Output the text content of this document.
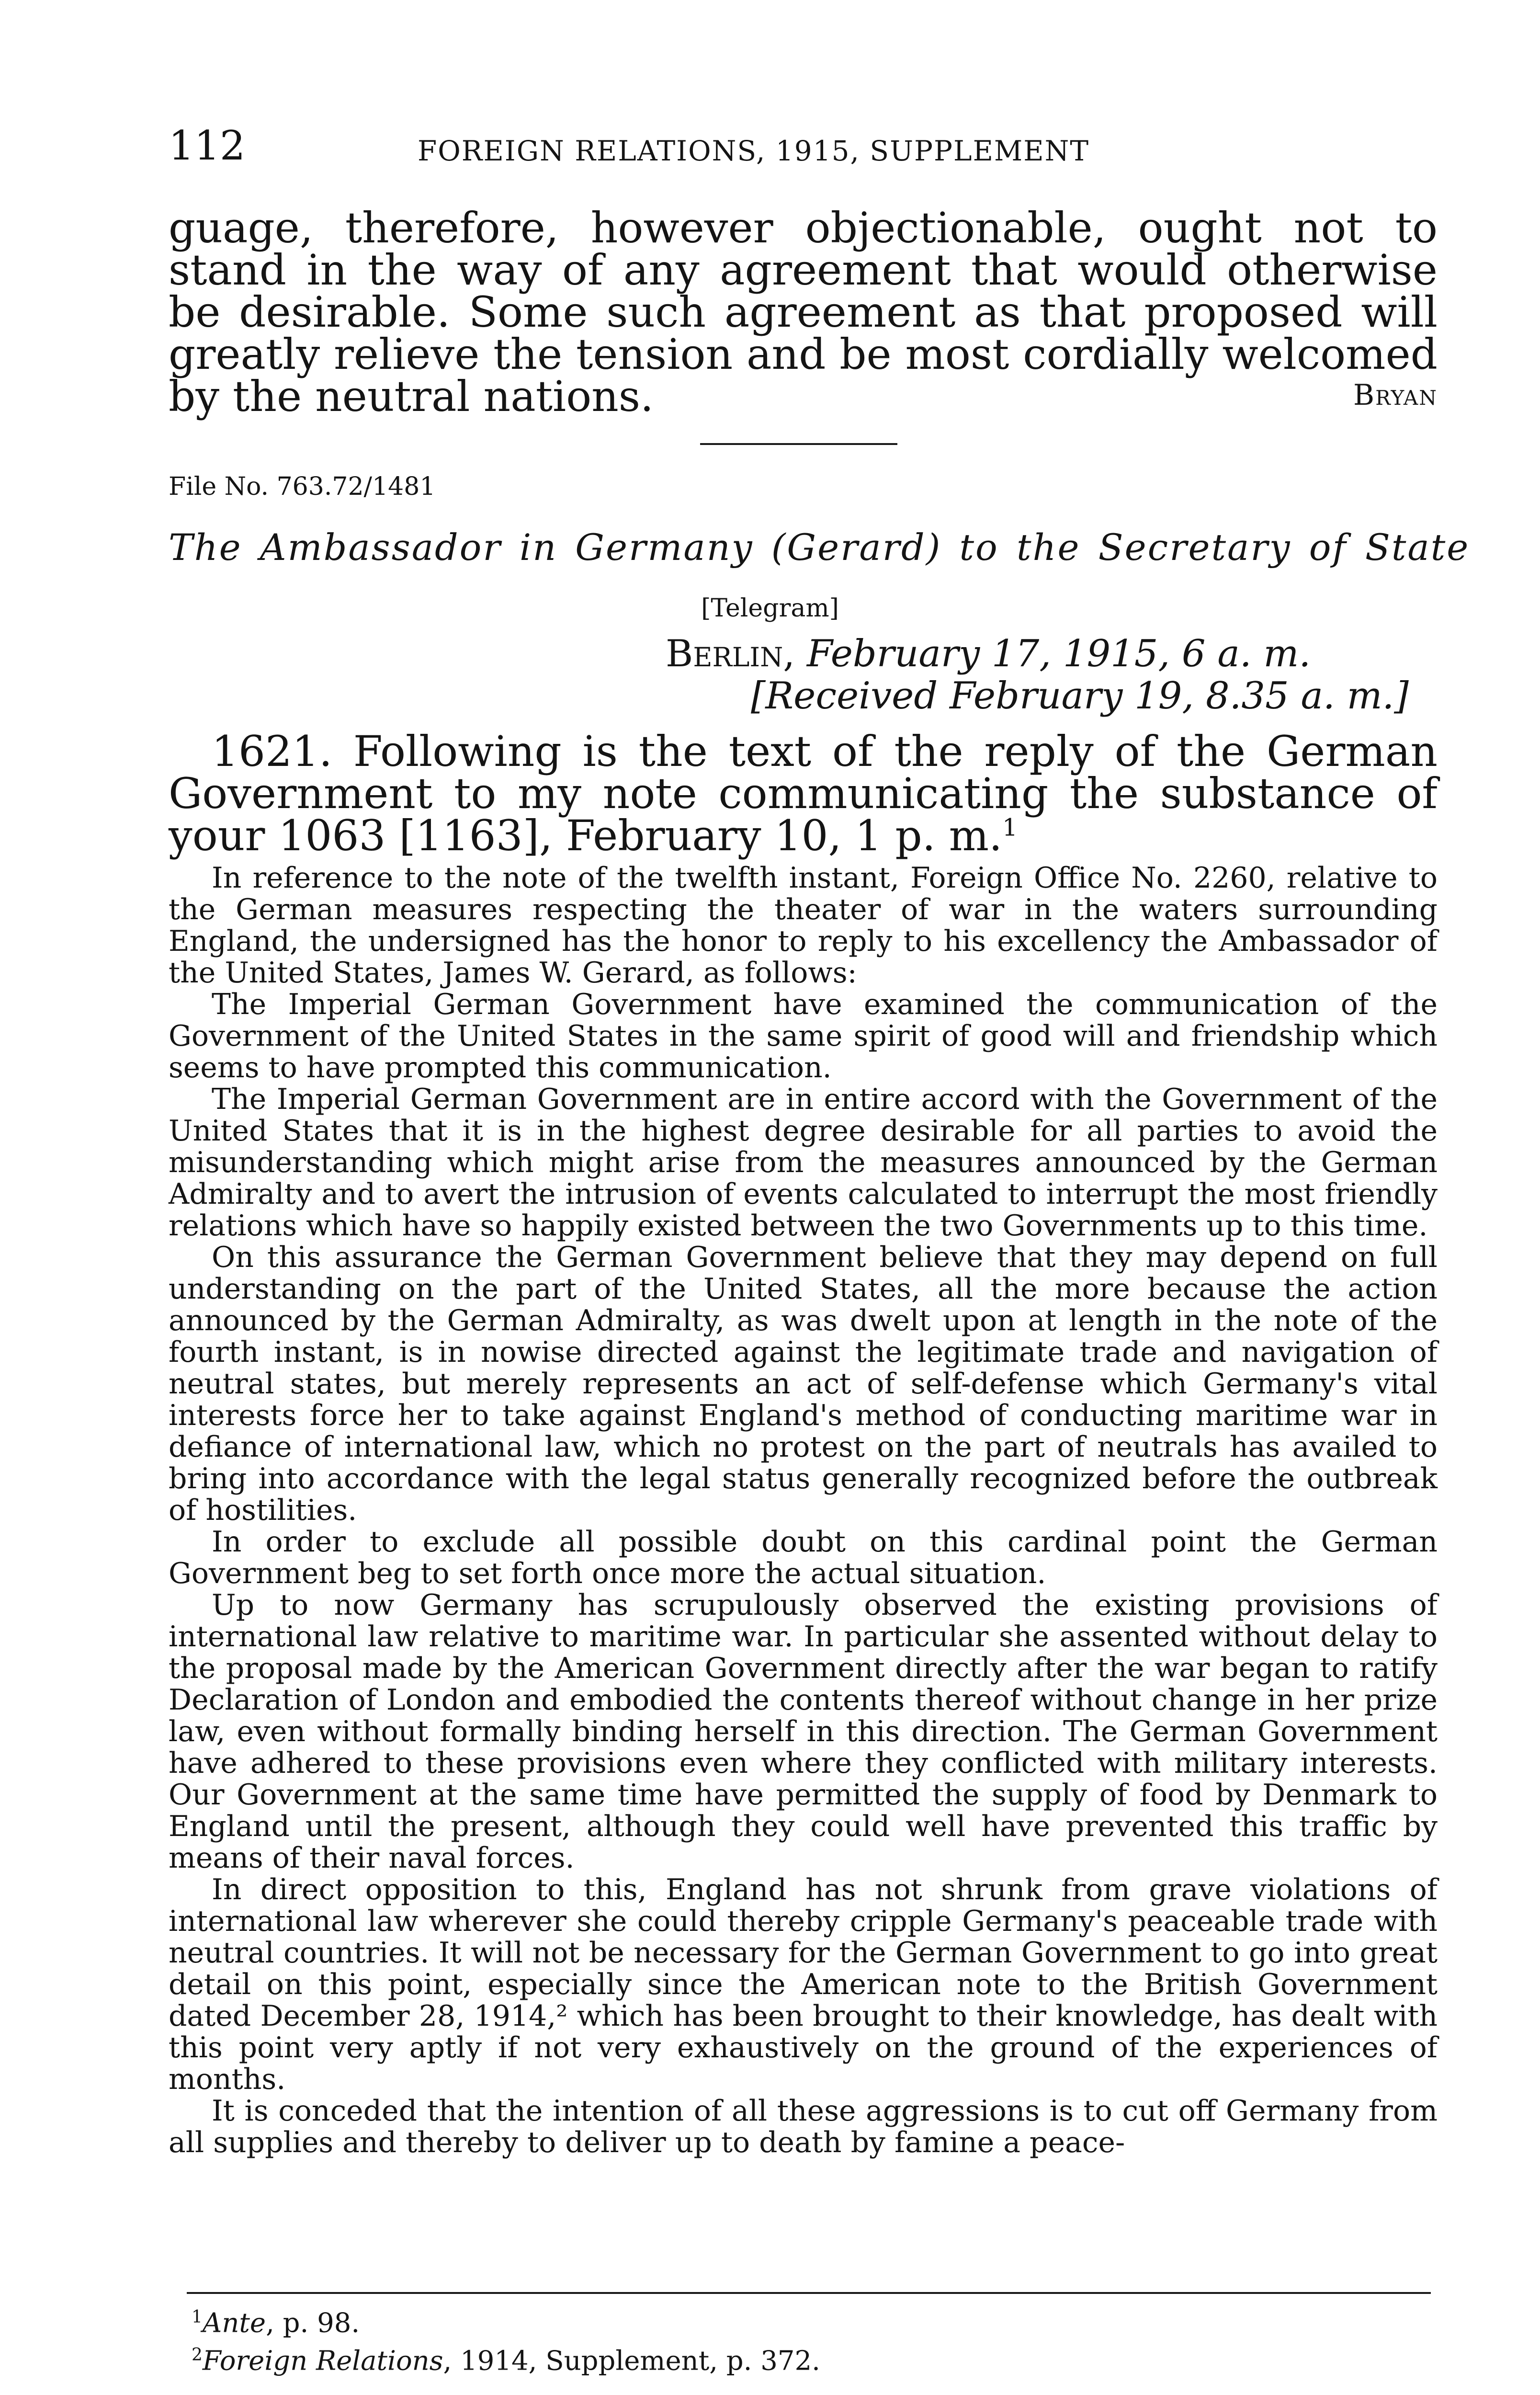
112	FOREIGN RELATIONS, 1915, SUPPLEMENT
guage, therefore, however objectionable, ought not to stand in the way of any agreement that would otherwise be desirable. Some such agreement as that proposed will greatly relieve the tension and be most cordially welcomed by the neutral nations.	Bryan
File No. 763.72/1481
The Ambassador in Germany (Gerard) to the Secretary of State
[Telegram]
Berlin, February 17, 1915, 6 a. m.
[Received February 19, 8.35 a. m.]
1621. Following is the text of the reply of the German Government to my note communicating the substance of your 1063 [1163], February 10, 1 p. m.$^1$

In reference to the note of the twelfth instant, Foreign Office No. 2260, relative to the German measures respecting the theater of war in the waters surrounding England, the undersigned has the honor to reply to his excellency the Ambassador of the United States, James W. Gerard, as follows:

The Imperial German Government have examined the communication of the Government of the United States in the same spirit of good will and friendship which seems to have prompted this communication.

The Imperial German Government are in entire accord with the Government of the United States that it is in the highest degree desirable for all parties to avoid the misunderstanding which might arise from the measures announced by the German Admiralty and to avert the intrusion of events calculated to interrupt the most friendly relations which have so happily existed between the two Governments up to this time.

On this assurance the German Government believe that they may depend on full understanding on the part of the United States, all the more because the action announced by the German Admiralty, as was dwelt upon at length in the note of the fourth instant, is in nowise directed against the legitimate trade and navigation of neutral states, but merely represents an act of self-defense which Germany's vital interests force her to take against England's method of conducting maritime war in defiance of international law, which no protest on the part of neutrals has availed to bring into accordance with the legal status generally recognized before the outbreak of hostilities.

In order to exclude all possible doubt on this cardinal point the German Government beg to set forth once more the actual situation.

Up to now Germany has scrupulously observed the existing provisions of international law relative to maritime war. In particular she assented without delay to the proposal made by the American Government directly after the war began to ratify Declaration of London and embodied the contents thereof without change in her prize law, even without formally binding herself in this direction. The German Government have adhered to these provisions even where they conflicted with military interests. Our Government at the same time have permitted the supply of food by Denmark to England until the present, although they could well have prevented this traffic by means of their naval forces.

In direct opposition to this, England has not shrunk from grave violations of international law wherever she could thereby cripple Germany's peaceable trade with neutral countries. It will not be necessary for the German Government to go into great detail on this point, especially since the American note to the British Government dated December 28, 1914,² which has been brought to their knowledge, has dealt with this point very aptly if not very exhaustively on the ground of the experiences of months.

It is conceded that the intention of all these aggressions is to cut off Germany from all supplies and thereby to deliver up to death by famine a peace-

$^1$Ante, p. 98.
$^2$Foreign Relations, 1914, Supplement, p. 372.
